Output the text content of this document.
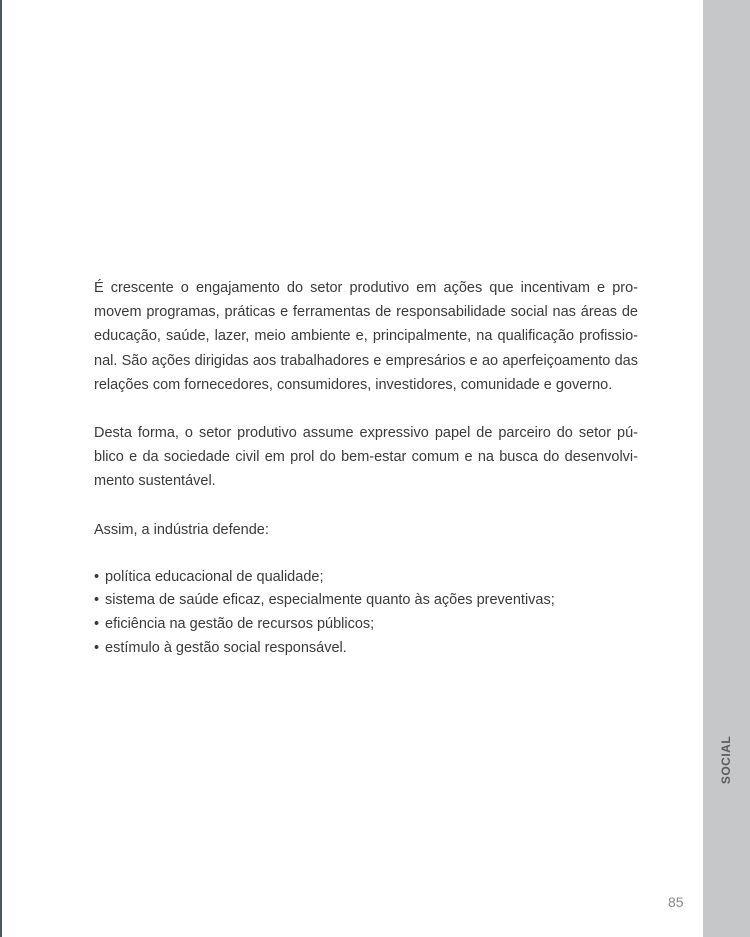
SOCIAL

É crescente o engajamento do setor produtivo em ações que incentivam e pro-
movem programas, práticas e ferramentas de responsabilidade social nas áreas de
educação, saúde, lazer, meio ambiente e, principalmente, na qualificação profissio-
nal. São ações dirigidas aos trabalhadores e empresários e ao aperfeiçoamento das
relações com fornecedores, consumidores, investidores, comunidade e governo.

Desta forma, o setor produtivo assume expressivo papel de parceiro do setor pú-
blico e da sociedade civil em prol do bem-estar comum e na busca do desenvolvi-
mento sustentável.

Assim, a indústria defende:

• política educacional de qualidade;
• sistema de saúde eficaz, especialmente quanto às ações preventivas;
• eficiência na gestão de recursos públicos;
• estímulo à gestão social responsável.
85
